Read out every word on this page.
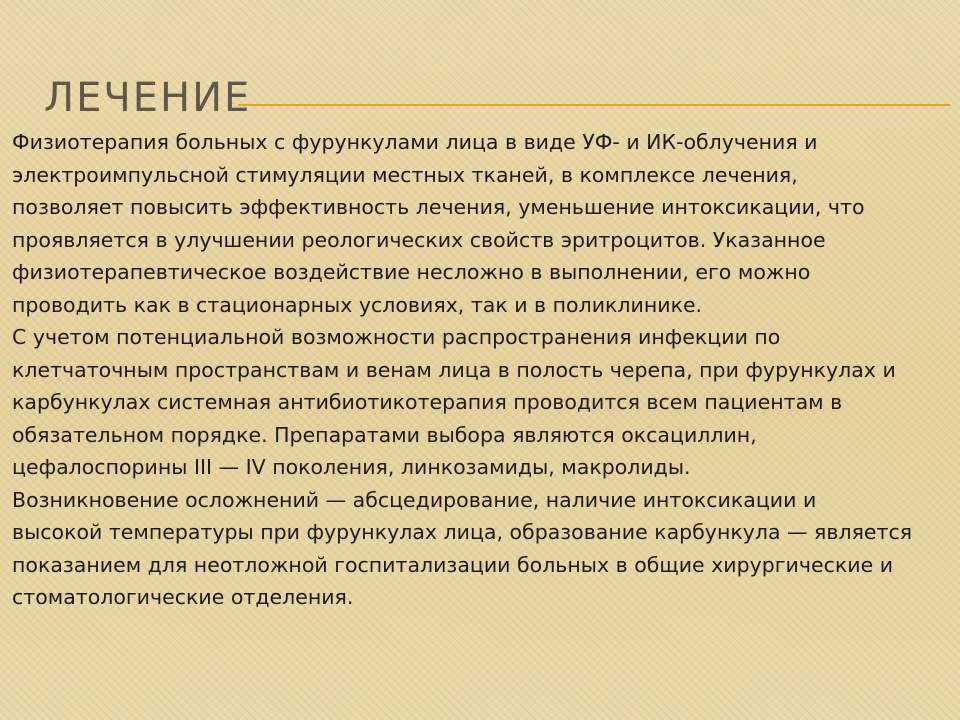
ЛЕЧЕНИЕ

Физиотерапия больных с фурункулами лица в виде УФ- и ИК-облучения и
электроимпульсной стимуляции местных тканей, в комплексе лечения,
позволяет повысить эффективность лечения, уменьшение интоксикации, что
проявляется в улучшении реологических свойств эритроцитов. Указанное
физиотерапевтическое воздействие несложно в выполнении, его можно
проводить как в стационарных условиях, так и в поликлинике.

С учетом потенциальной возможности распространения инфекции по
клетчаточным пространствам и венам лица в полость черепа, при фурункулах и
карбункулах системная антибиотикотерапия проводится всем пациентам в
обязательном порядке. Препаратами выбора являются оксациллин,
цефалоспорины III — IV поколения, линкозамиды, макролиды.

Возникновение осложнений — абсцедирование, наличие интоксикации и
высокой температуры при фурункулах лица, образование карбункула — является
показанием для неотложной госпитализации больных в общие хирургические и
стоматологические отделения.
